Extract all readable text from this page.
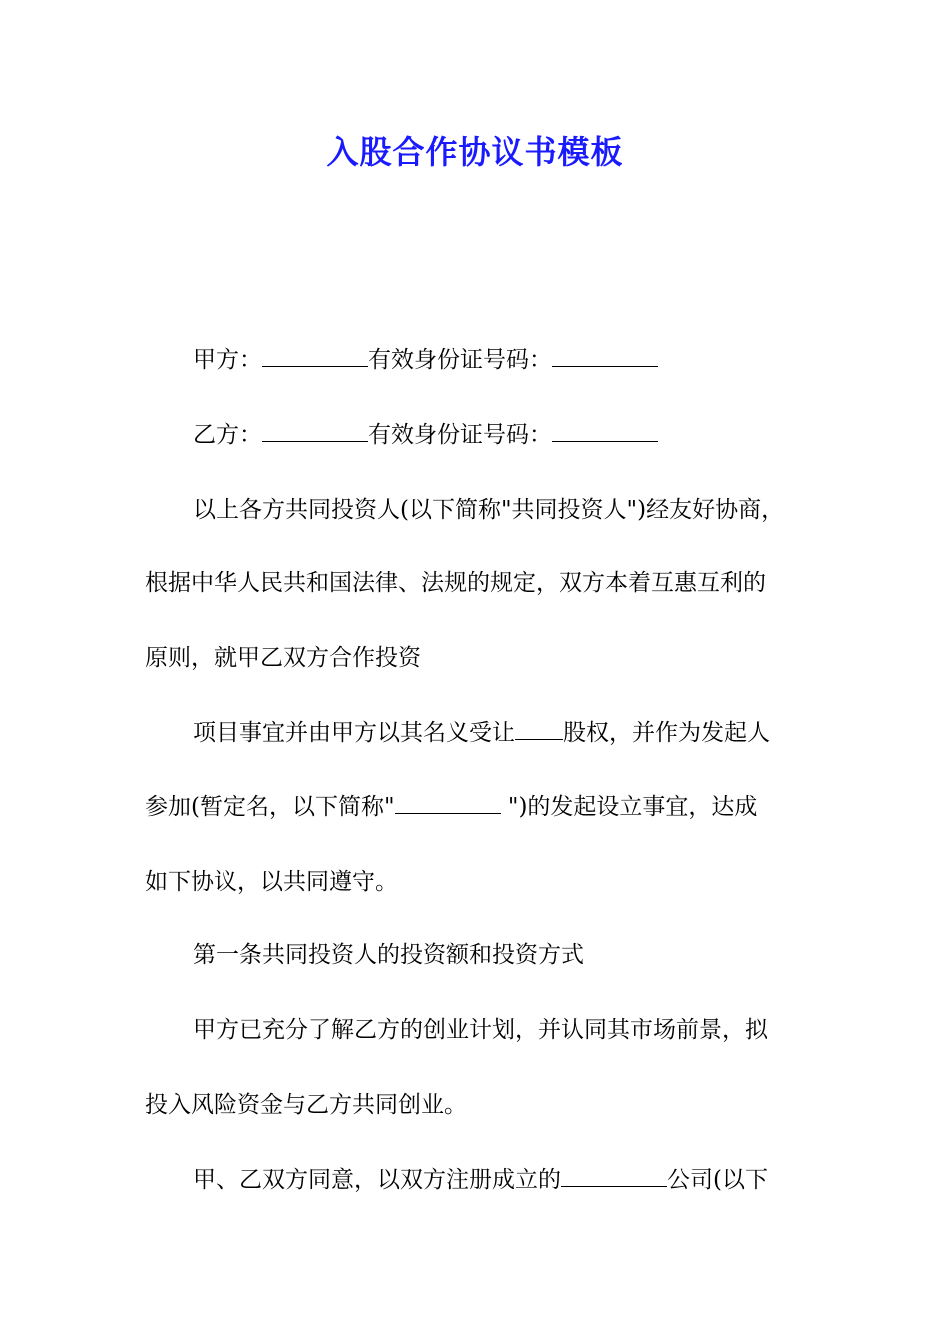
入股合作协议书模板
甲方：	有效身份证号码：
乙方：	有效身份证号码：
以上各方共同投资人(以下简称"共同投资人")经友好协商，
根据中华人民共和国法律、法规的规定，双方本着互惠互利的
原则，就甲乙双方合作投资
项目事宜并由甲方以其名义受让 股权，并作为发起人
参加(暂定名，以下简称"	")的发起设立事宜，达成
如下协议，以共同遵守。
第一条共同投资人的投资额和投资方式
甲方已充分了解乙方的创业计划，并认同其市场前景，拟
投入风险资金与乙方共同创业。
甲、乙双方同意，以双方注册成立的	公司(以下
